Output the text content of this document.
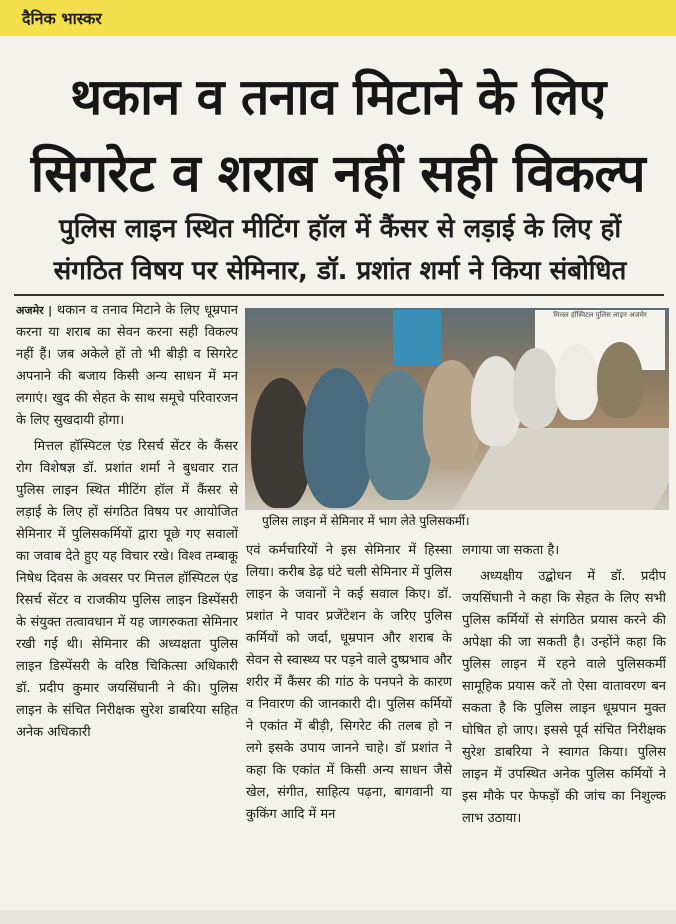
दैनिक भास्कर
थकान व तनाव मिटाने के लिए
सिगरेट व शराब नहीं सही विकल्प
पुलिस लाइन स्थित मीटिंग हॉल में कैंसर से लड़ाई के लिए हों
संगठित विषय पर सेमिनार, डॉ. प्रशांत शर्मा ने किया संबोधित

अजमेर | थकान व तनाव मिटाने के लिए धूम्रपान करना या शराब का सेवन करना सही विकल्प नहीं हैं। जब अकेले हों तो भी बीड़ी व सिगरेट अपनाने की बजाय किसी अन्य साधन में मन लगाएं। खुद की सेहत के साथ समूचे परिवारजन के लिए सुखदायी होगा।

मित्तल हॉस्पिटल एंड रिसर्च सेंटर के कैंसर रोग विशेषज्ञ डॉ. प्रशांत शर्मा ने बुधवार रात पुलिस लाइन स्थित मीटिंग हॉल में कैंसर से लड़ाई के लिए हों संगठित विषय पर आयोजित सेमिनार में पुलिसकर्मियों द्वारा पूछे गए सवालों का जवाब देते हुए यह विचार रखे। विश्व तम्बाकू निषेध दिवस के अवसर पर मित्तल हॉस्पिटल एंड रिसर्च सेंटर व राजकीय पुलिस लाइन डिस्पेंसरी के संयुक्त तत्वावधान में यह जागरुकता सेमिनार रखी गई थी। सेमिनार की अध्यक्षता पुलिस लाइन डिस्पेंसरी के वरिष्ठ चिकित्सा अधिकारी डॉ. प्रदीप कुमार जयसिंघानी ने की। पुलिस लाइन के संचित निरीक्षक सुरेश डाबरिया सहित अनेक अधिकारी

मित्तल हॉस्पिटल पुलिस लाइन अजमेर
पुलिस लाइन में सेमिनार में भाग लेते पुलिसकर्मी।

एवं कर्मचारियों ने इस सेमिनार में हिस्सा लिया। करीब डेढ़ घंटे चली सेमिनार में पुलिस लाइन के जवानों ने कई सवाल किए। डॉ. प्रशांत ने पावर प्रजेंटेशन के जरिए पुलिस कर्मियों को जर्दा, धूम्रपान और शराब के सेवन से स्वास्थ्य पर पड़ने वाले दुष्प्रभाव और शरीर में कैंसर की गांठ के पनपने के कारण व निवारण की जानकारी दी। पुलिस कर्मियों ने एकांत में बीड़ी, सिगरेट की तलब हो न लगे इसके उपाय जानने चाहे। डॉ प्रशांत ने कहा कि एकांत में किसी अन्य साधन जैसे खेल, संगीत, साहित्य पढ़ना, बागवानी या कुकिंग आदि में मन

लगाया जा सकता है।

अध्यक्षीय उद्बोधन में डॉ. प्रदीप जयसिंघानी ने कहा कि सेहत के लिए सभी पुलिस कर्मियों से संगठित प्रयास करने की अपेक्षा की जा सकती है। उन्होंने कहा कि पुलिस लाइन में रहने वाले पुलिसकर्मी सामूहिक प्रयास करें तो ऐसा वातावरण बन सकता है कि पुलिस लाइन धूम्रपान मुक्त घोषित हो जाए। इससे पूर्व संचित निरीक्षक सुरेश डाबरिया ने स्वागत किया। पुलिस लाइन में उपस्थित अनेक पुलिस कर्मियों ने इस मौके पर फेफड़ों की जांच का निशुल्क लाभ उठाया।
